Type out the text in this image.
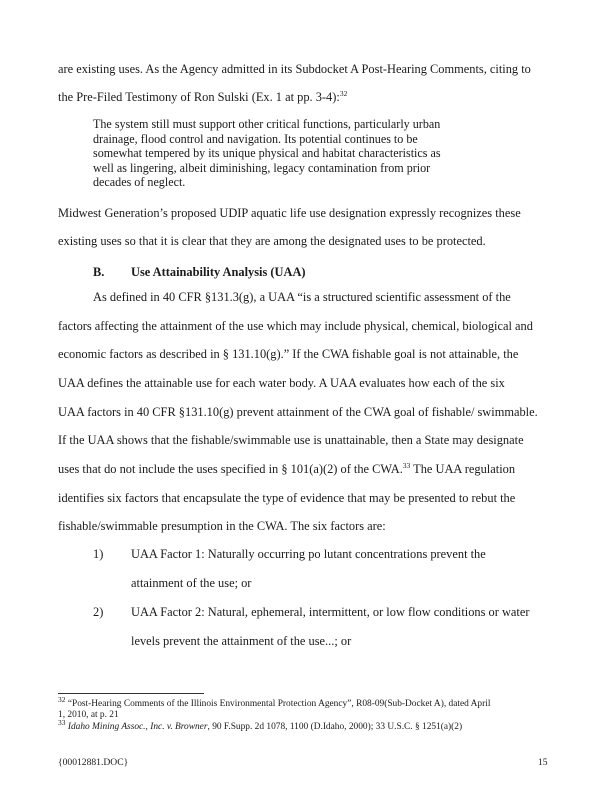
are existing uses. As the Agency admitted in its Subdocket A Post-Hearing Comments, citing to
the Pre-Filed Testimony of Ron Sulski (Ex. 1 at pp. 3-4):$^{32}$
The system still must support other critical functions, particularly urban
drainage, flood control and navigation. Its potential continues to be
somewhat tempered by its unique physical and habitat characteristics as
well as lingering, albeit diminishing, legacy contamination from prior
decades of neglect.
Midwest Generation’s proposed UDIP aquatic life use designation expressly recognizes these
existing uses so that it is clear that they are among the designated uses to be protected.
B. Use Attainability Analysis (UAA)
As defined in 40 CFR §131.3(g), a UAA “is a structured scientific assessment of the
factors affecting the attainment of the use which may include physical, chemical, biological and
economic factors as described in § 131.10(g).” If the CWA fishable goal is not attainable, the
UAA defines the attainable use for each water body. A UAA evaluates how each of the six
UAA factors in 40 CFR §131.10(g) prevent attainment of the CWA goal of fishable/ swimmable.
If the UAA shows that the fishable/swimmable use is unattainable, then a State may designate
uses that do not include the uses specified in § 101(a)(2) of the CWA.$^{33}$ The UAA regulation
identifies six factors that encapsulate the type of evidence that may be presented to rebut the
fishable/swimmable presumption in the CWA. The six factors are:
1) UAA Factor 1: Naturally occurring po lutant concentrations prevent the
attainment of the use; or
2) UAA Factor 2: Natural, ephemeral, intermittent, or low flow conditions or water
levels prevent the attainment of the use...; or
$^{32}$ “Post-Hearing Comments of the Illinois Environmental Protection Agency”, R08-09(Sub-Docket A), dated April
1, 2010, at p. 21
$^{33}$ Idaho Mining Assoc., Inc. v. Browner, 90 F.Supp. 2d 1078, 1100 (D.Idaho, 2000); 33 U.S.C. § 1251(a)(2)
{00012881.DOC}	15
